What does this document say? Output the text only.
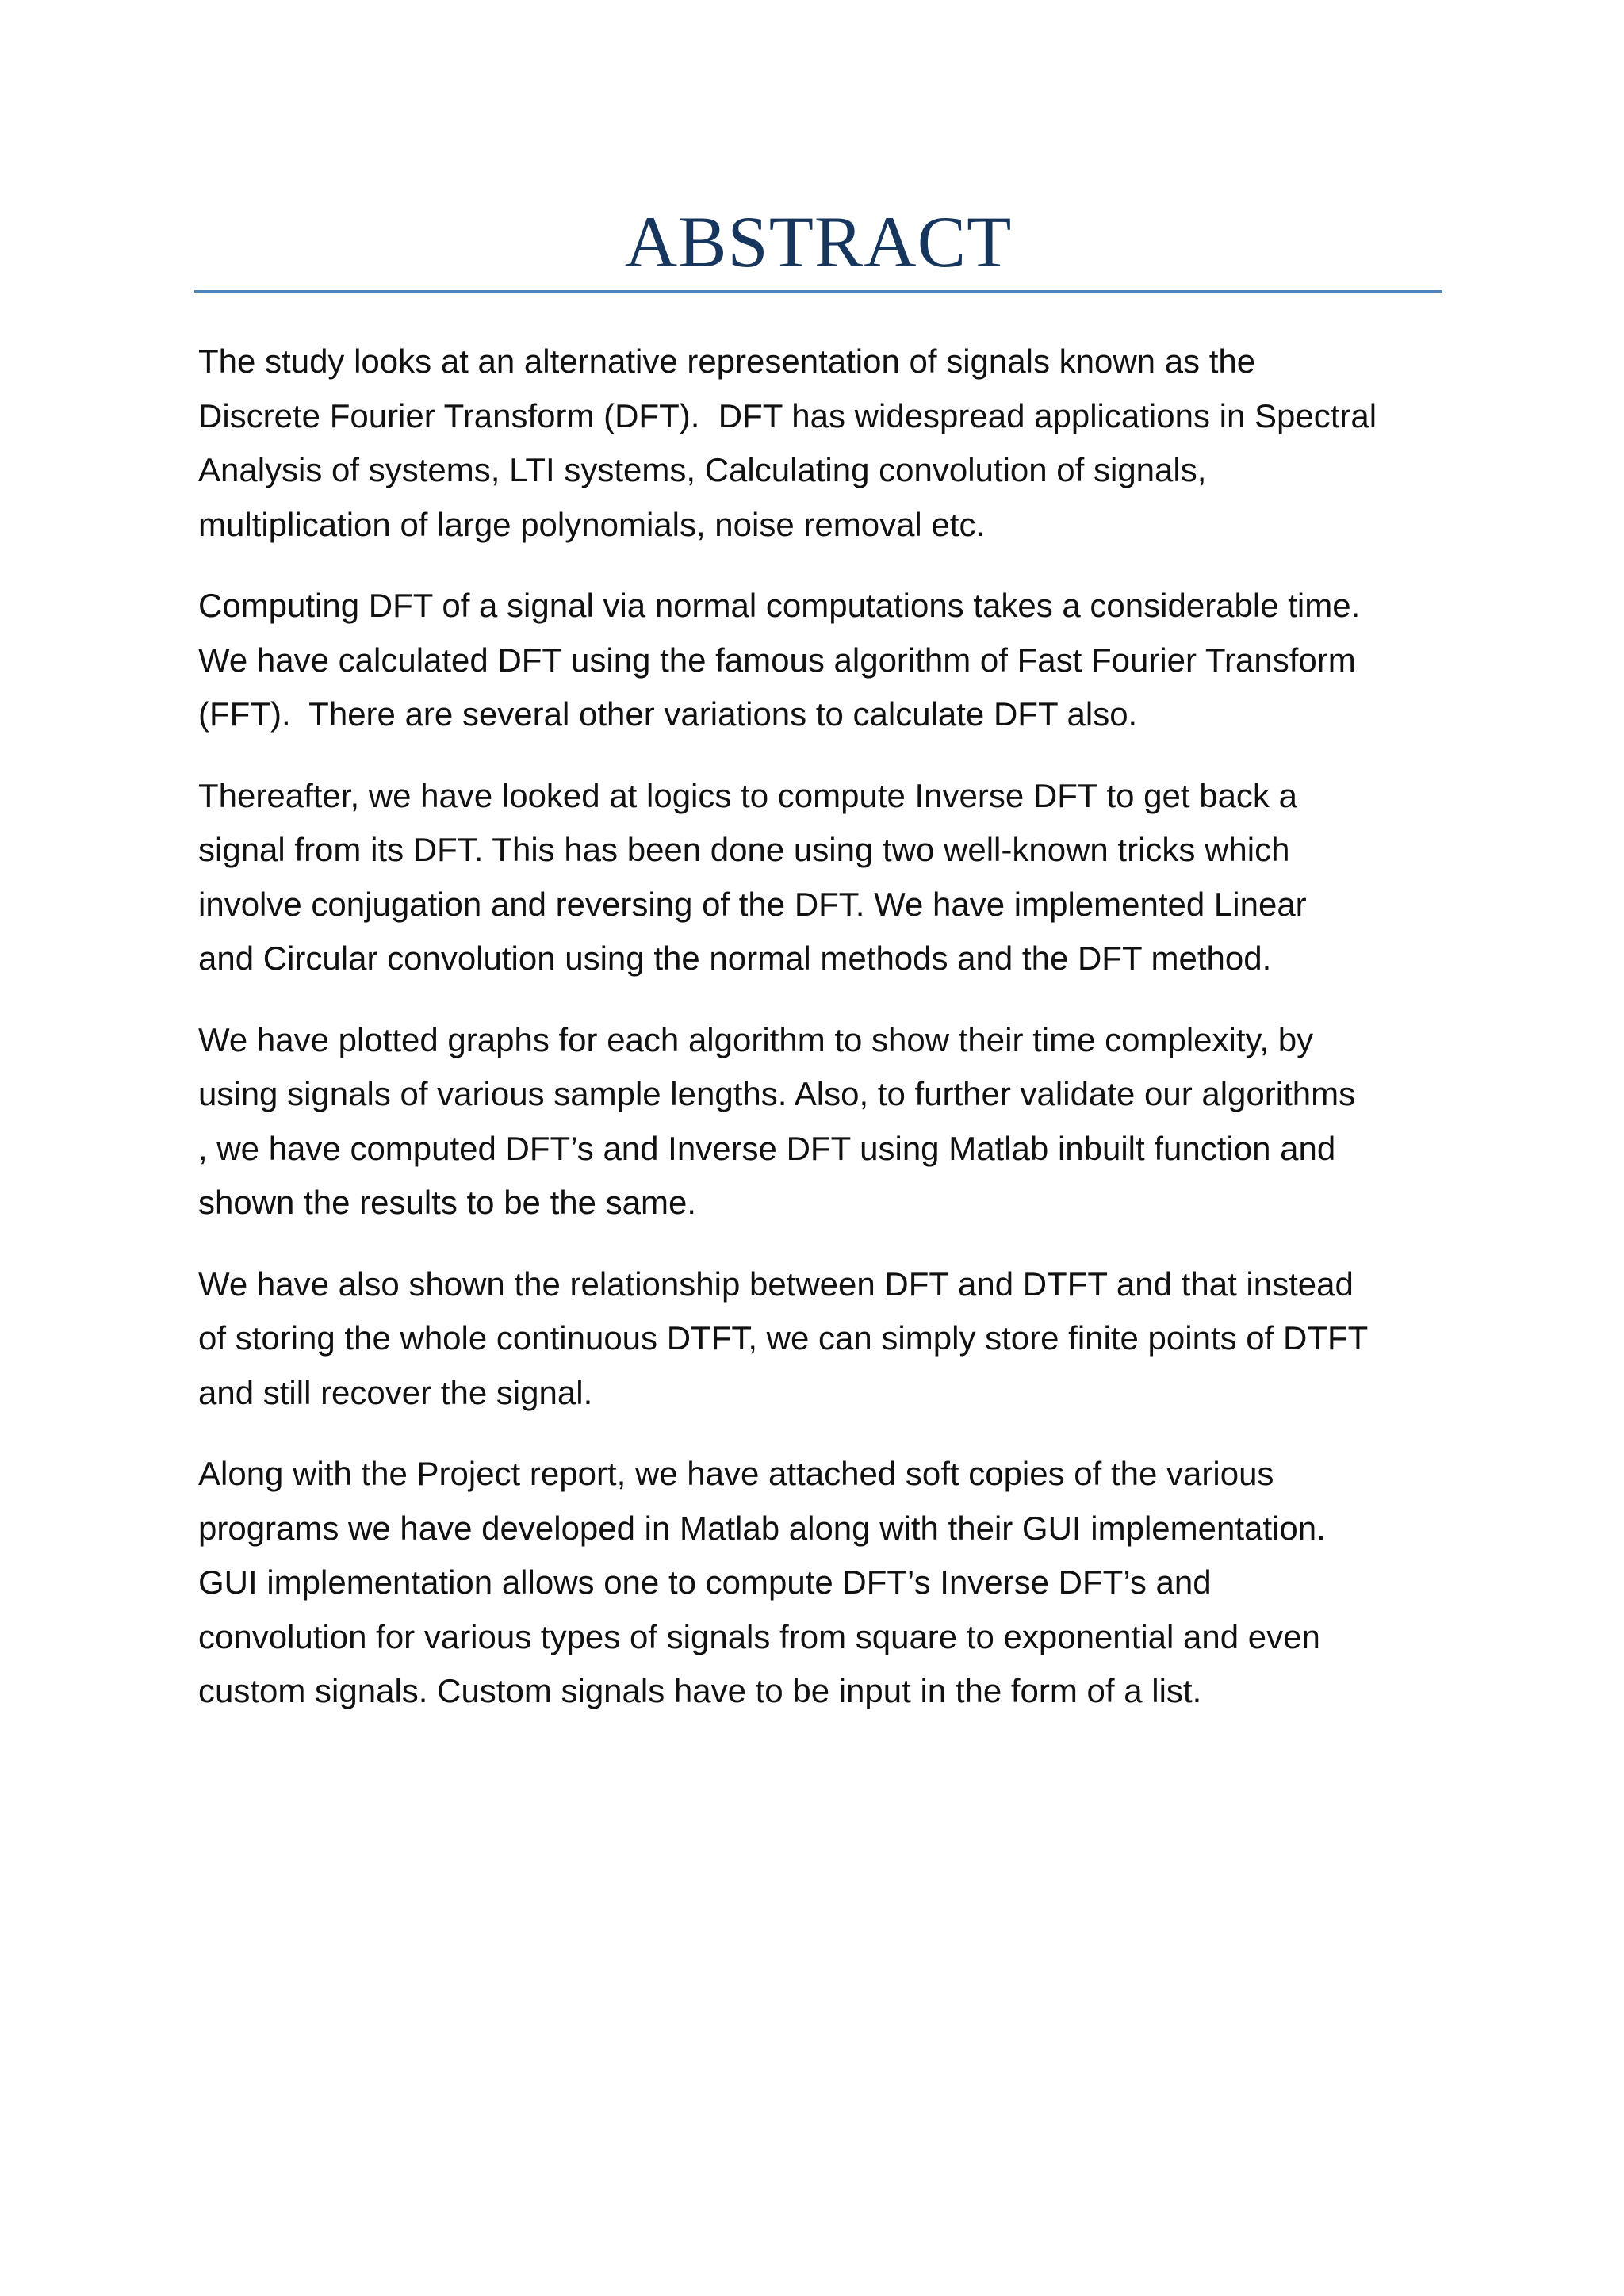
ABSTRACT

The study looks at an alternative representation of signals known as the
Discrete Fourier Transform (DFT).  DFT has widespread applications in Spectral
Analysis of systems, LTI systems, Calculating convolution of signals,
multiplication of large polynomials, noise removal etc.

Computing DFT of a signal via normal computations takes a considerable time.
We have calculated DFT using the famous algorithm of Fast Fourier Transform
(FFT).  There are several other variations to calculate DFT also.

Thereafter, we have looked at logics to compute Inverse DFT to get back a
signal from its DFT. This has been done using two well-known tricks which
involve conjugation and reversing of the DFT. We have implemented Linear
and Circular convolution using the normal methods and the DFT method.

We have plotted graphs for each algorithm to show their time complexity, by
using signals of various sample lengths. Also, to further validate our algorithms
, we have computed DFT’s and Inverse DFT using Matlab inbuilt function and
shown the results to be the same.

We have also shown the relationship between DFT and DTFT and that instead
of storing the whole continuous DTFT, we can simply store finite points of DTFT
and still recover the signal.

Along with the Project report, we have attached soft copies of the various
programs we have developed in Matlab along with their GUI implementation.
GUI implementation allows one to compute DFT’s Inverse DFT’s and
convolution for various types of signals from square to exponential and even
custom signals. Custom signals have to be input in the form of a list.
